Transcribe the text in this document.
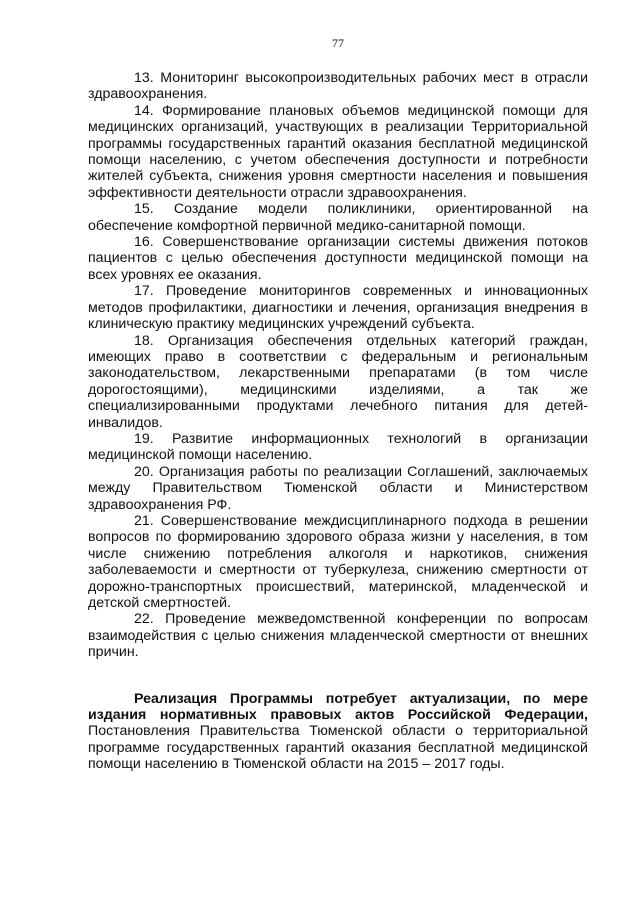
77

13. Мониторинг высокопроизводительных рабочих мест в отрасли здравоохранения.

14. Формирование плановых объемов медицинской помощи для медицинских организаций, участвующих в реализации Территориальной программы государственных гарантий оказания бесплатной медицинской помощи населению, с учетом обеспечения доступности и потребности жителей субъекта, снижения уровня смертности населения и повышения эффективности деятельности отрасли здравоохранения.

15. Создание модели поликлиники, ориентированной на обеспечение комфортной первичной медико-санитарной помощи.

16. Совершенствование организации системы движения потоков пациентов с целью обеспечения доступности медицинской помощи на всех уровнях ее оказания.

17. Проведение мониторингов современных и инновационных методов профилактики, диагностики и лечения, организация внедрения в клиническую практику медицинских учреждений субъекта.

18. Организация обеспечения отдельных категорий граждан, имеющих право в соответствии с федеральным и региональным законодательством, лекарственными препаратами (в том числе дорогостоящими), медицинскими изделиями, а так же специализированными продуктами лечебного питания для детей-инвалидов.

19. Развитие информационных технологий в организации медицинской помощи населению.

20. Организация работы по реализации Соглашений, заключаемых между Правительством Тюменской области и Министерством здравоохранения РФ.

21. Совершенствование междисциплинарного подхода в решении вопросов по формированию здорового образа жизни у населения, в том числе снижению потребления алкоголя и наркотиков, снижения заболеваемости и смертности от туберкулеза, снижению смертности от дорожно-транспортных происшествий, материнской, младенческой и детской смертностей.

22. Проведение межведомственной конференции по вопросам взаимодействия с целью снижения младенческой смертности от внешних причин.

Реализация Программы потребует актуализации, по мере издания нормативных правовых актов Российской Федерации, Постановления Правительства Тюменской области о территориальной программе государственных гарантий оказания бесплатной медицинской помощи населению в Тюменской области на 2015 – 2017 годы.
